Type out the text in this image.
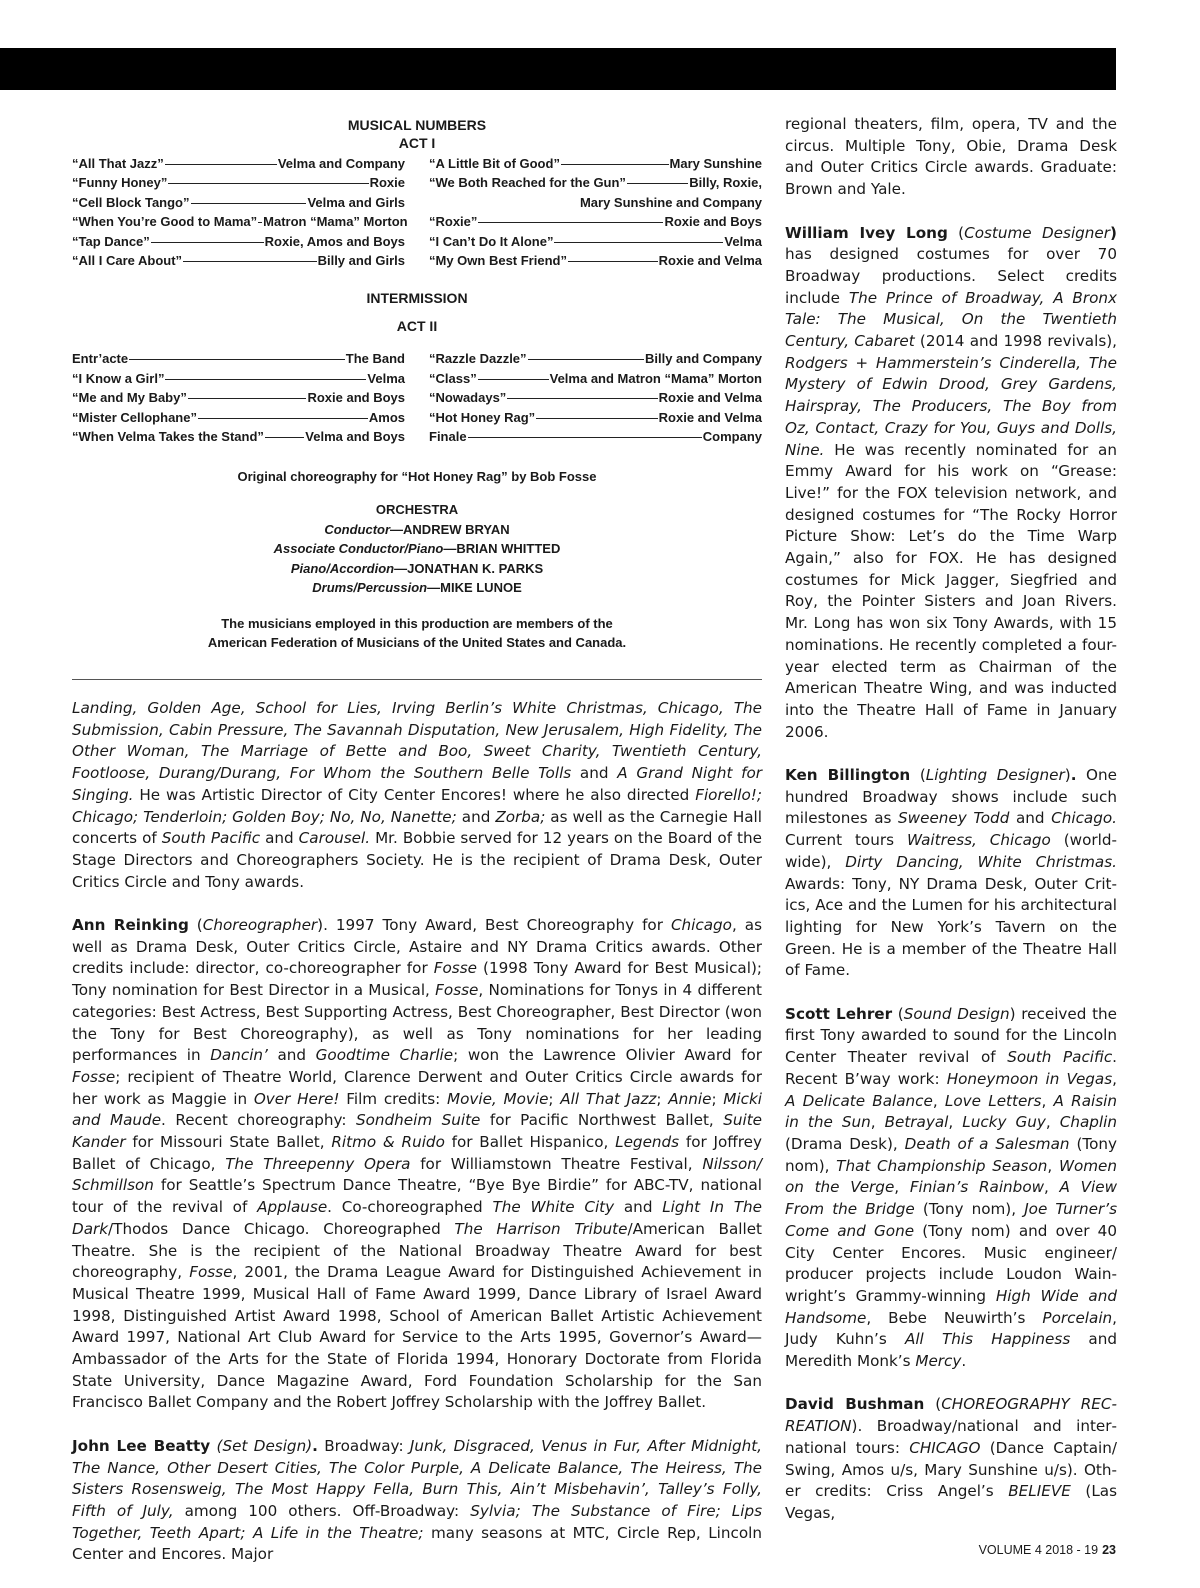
MUSICAL NUMBERS
ACT I
“All That Jazz”	Velma and Company
“Funny Honey”	Roxie
“Cell Block Tango”	Velma and Girls
“When You’re Good to Mama” Matron “Mama” Morton
“Tap Dance”	Roxie, Amos and Boys
“All I Care About”	Billy and Girls
“A Little Bit of Good”	Mary Sunshine
“We Both Reached for the Gun”	Billy, Roxie,
Mary Sunshine and Company
“Roxie”	Roxie and Boys
“I Can’t Do It Alone”	Velma
“My Own Best Friend”	Roxie and Velma
INTERMISSION
ACT II
Entr’acte	The Band
“I Know a Girl”	Velma
“Me and My Baby”	Roxie and Boys
“Mister Cellophane”	Amos
“When Velma Takes the Stand”	Velma and Boys
“Razzle Dazzle”	Billy and Company
“Class”	Velma and Matron “Mama” Morton
“Nowadays”	Roxie and Velma
“Hot Honey Rag”	Roxie and Velma
Finale	Company
Original choreography for “Hot Honey Rag” by Bob Fosse
ORCHESTRA
Conductor—ANDREW BRYAN
Associate Conductor/Piano—BRIAN WHITTED
Piano/Accordion—JONATHAN K. PARKS
Drums/Percussion—MIKE LUNOE
The musicians employed in this production are members of the
American Federation of Musicians of the United States and Canada.

Landing, Golden Age, School for Lies, Irving Berlin’s White Christmas, Chicago, The Submission, Cabin Pressure, The Savannah Disputation, New Jerusalem, High Fidelity, The Other Woman, The Marriage of Bette and Boo, Sweet Charity, Twentieth Century, Footloose, Durang/Durang, For Whom the Southern Belle Tolls and A Grand Night for Singing. He was Artistic Director of City Center Encores! where he also directed Fiorello!; Chicago; Tenderloin; Golden Boy; No, No, Nanette; and Zorba; as well as the Carnegie Hall concerts of South Pacific and Carousel. Mr. Bobbie served for 12 years on the Board of the Stage Directors and Choreographers Society. He is the recipient of Drama Desk, Outer Critics Circle and Tony awards.

Ann Reinking (Choreographer). 1997 Tony Award, Best Choreography for Chicago, as well as Drama Desk, Outer Critics Circle, Astaire and NY Drama Critics awards. Other credits include: director, co-choreographer for Fosse (1998 Tony Award for Best Musical); Tony nomination for Best Director in a Musical, Fosse, Nominations for Tonys in 4 different categories: Best Actress, Best Supporting Actress, Best Choreographer, Best Director (won the Tony for Best Choreography), as well as Tony nominations for her leading performances in Dancin’ and Goodtime Charlie; won the Lawrence Olivier Award for Fosse; recipient of Theatre World, Clarence Derwent and Outer Critics Circle awards for her work as Maggie in Over Here! Film credits: Movie, Movie; All That Jazz; Annie; Micki and Maude. Recent choreography: Sondheim Suite for Pacific Northwest Ballet, Suite Kander for Missouri State Ballet, Ritmo & Ruido for Ballet Hispanico, Legends for Joffrey Ballet of Chicago, The Threepenny Opera for Williamstown Theatre Festival, Nilsson/ Schmillson for Seattle’s Spectrum Dance Theatre, “Bye Bye Birdie” for ABC-TV, national tour of the revival of Applause. Co-choreographed The White City and Light In The Dark/Thodos Dance Chicago. Choreographed The Harrison Tribute/American Ballet Theatre. She is the recipient of the National Broadway Theatre Award for best choreography, Fosse, 2001, the Drama League Award for Distinguished Achievement in Musical Theatre 1999, Musical Hall of Fame Award 1999, Dance Library of Israel Award 1998, Distinguished Artist Award 1998, School of American Ballet Artistic Achievement Award 1997, National Art Club Award for Service to the Arts 1995, Governor’s Award—Ambassador of the Arts for the State of Florida 1994, Honorary Doctorate from Florida State University, Dance Magazine Award, Ford Foundation Scholarship for the San Francisco Ballet Company and the Robert Joffrey Scholarship with the Joffrey Ballet.

John Lee Beatty (Set Design). Broadway: Junk, Disgraced, Venus in Fur, After Midnight, The Nance, Other Desert Cities, The Color Purple, A Delicate Balance, The Heiress, The Sisters Rosensweig, The Most Happy Fella, Burn This, Ain’t Misbehavin’, Talley’s Folly, Fifth of July, among 100 others. Off-Broadway: Sylvia; The Substance of Fire; Lips Together, Teeth Apart; A Life in the Theatre; many seasons at MTC, Circle Rep, Lincoln Center and Encores. Major

regional theaters, film, opera, TV and the circus. Multiple Tony, Obie, Drama Desk and Outer Critics Circle awards. Graduate: Brown and Yale.

William Ivey Long (Costume Designer) has designed costumes for over 70 Broadway productions. Select credits include The Prince of Broadway, A Bronx Tale: The Musical, On the Twentieth Century, Cabaret (2014 and 1998 revivals), Rodgers + Hammerstein’s Cinderella, The Mystery of Edwin Drood, Grey Gardens, Hairspray, The Producers, The Boy from Oz, Contact, Crazy for You, Guys and Dolls, Nine. He was recently nominated for an Emmy Award for his work on “Grease: Live!” for the FOX television network, and designed costumes for “The Rocky Horror Picture Show: Let’s do the Time Warp Again,” also for FOX. He has designed costumes for Mick Jagger, Siegfried and Roy, the Pointer Sisters and Joan Rivers. Mr. Long has won six Tony Awards, with 15 nominations. He recently completed a four-year elected term as Chairman of the American Theatre Wing, and was inducted into the Theatre Hall of Fame in January 2006.

Ken Billington (Lighting Designer). One hundred Broadway shows include such milestones as Sweeney Todd and Chicago. Current tours Waitress, Chicago (worldwide), Dirty Dancing, White Christmas. Awards: Tony, NY Drama Desk, Outer Critics, Ace and the Lumen for his architectural lighting for New York’s Tavern on the Green. He is a member of the Theatre Hall of Fame.

Scott Lehrer (Sound Design) received the first Tony awarded to sound for the Lincoln Center Theater revival of South Pacific. Recent B’way work: Honeymoon in Vegas, A Delicate Balance, Love Letters, A Raisin in the Sun, Betrayal, Lucky Guy, Chaplin (Drama Desk), Death of a Salesman (Tony nom), That Championship Season, Women on the Verge, Finian’s Rainbow, A View From the Bridge (Tony nom), Joe Turner’s Come and Gone (Tony nom) and over 40 City Center Encores. Music engineer/ producer projects include Loudon Wainwright’s Grammy-winning High Wide and Handsome, Bebe Neuwirth’s Porcelain, Judy Kuhn’s All This Happiness and Meredith Monk’s Mercy.

David Bushman (CHOREOGRAPHY RECREATION). Broadway/national and international tours: CHICAGO (Dance Captain/ Swing, Amos u/s, Mary Sunshine u/s). Other credits: Criss Angel’s BELIEVE (Las Vegas,

VOLUME 4 2018 - 19 23
